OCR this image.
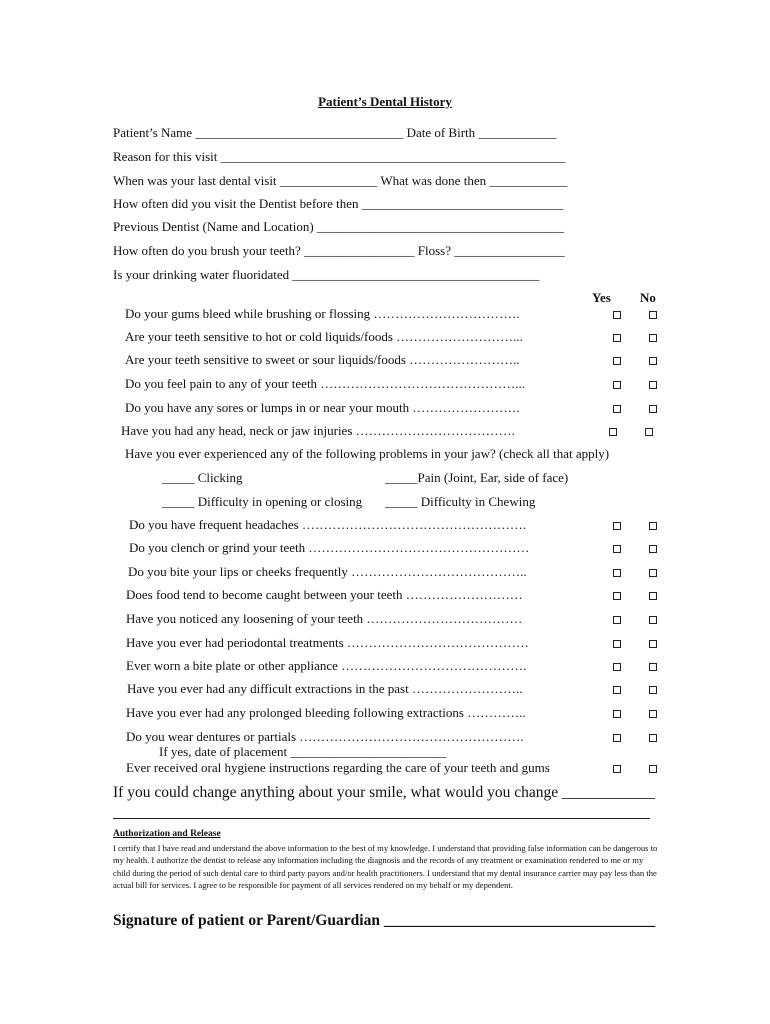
Patient’s Dental History
Patient’s Name ________________________________ Date of Birth ____________
Reason for this visit _____________________________________________________
When was your last dental visit _______________ What was done then ____________
How often did you visit the Dentist before then _______________________________
Previous Dentist (Name and Location) ______________________________________
How often do you brush your teeth? _________________ Floss? _________________
Is your drinking water fluoridated ______________________________________
Yes No
Do your gums bleed while brushing or flossing …………………………….
Are your teeth sensitive to hot or cold liquids/foods ………………………...
Are your teeth sensitive to sweet or sour liquids/foods ……………………..
Do you feel pain to any of your teeth ………………………………………...
Do you have any sores or lumps in or near your mouth …………………….
Have you had any head, neck or jaw injuries ……………………………….
Have you ever experienced any of the following problems in your jaw? (check all that apply)
_____ Clicking	_____Pain (Joint, Ear, side of face)
_____ Difficulty in opening or closing _____ Difficulty in Chewing
Do you have frequent headaches …………………………………………….
Do you clench or grind your teeth ……………………………………………
Do you bite your lips or cheeks frequently …………………………………..
Does food tend to become caught between your teeth ………………………
Have you noticed any loosening of your teeth ………………………………
Have you ever had periodontal treatments ……………………………………
Ever worn a bite plate or other appliance …………………………………….
Have you ever had any difficult extractions in the past ……………………..
Have you ever had any prolonged bleeding following extractions …………..
Do you wear dentures or partials …………………………………………….
If yes, date of placement ________________________
Ever received oral hygiene instructions regarding the care of your teeth and gums
If you could change anything about your smile, what would you change ____________
Authorization and Release
I certify that I have read and understand the above information to the best of my knowledge. I understand that providing false information can be dangerous to my health. I authorize the dentist to release any information including the diagnosis and the records of any treatment or examination rendered to me or my child during the period of such dental care to third party payors and/or health practitioners. I understand that my dental insurance carrier may pay less than the actual bill for services. I agree to be responsible for payment of all services rendered on my behalf or my dependent.
Signature of patient or Parent/Guardian ___________________________________
